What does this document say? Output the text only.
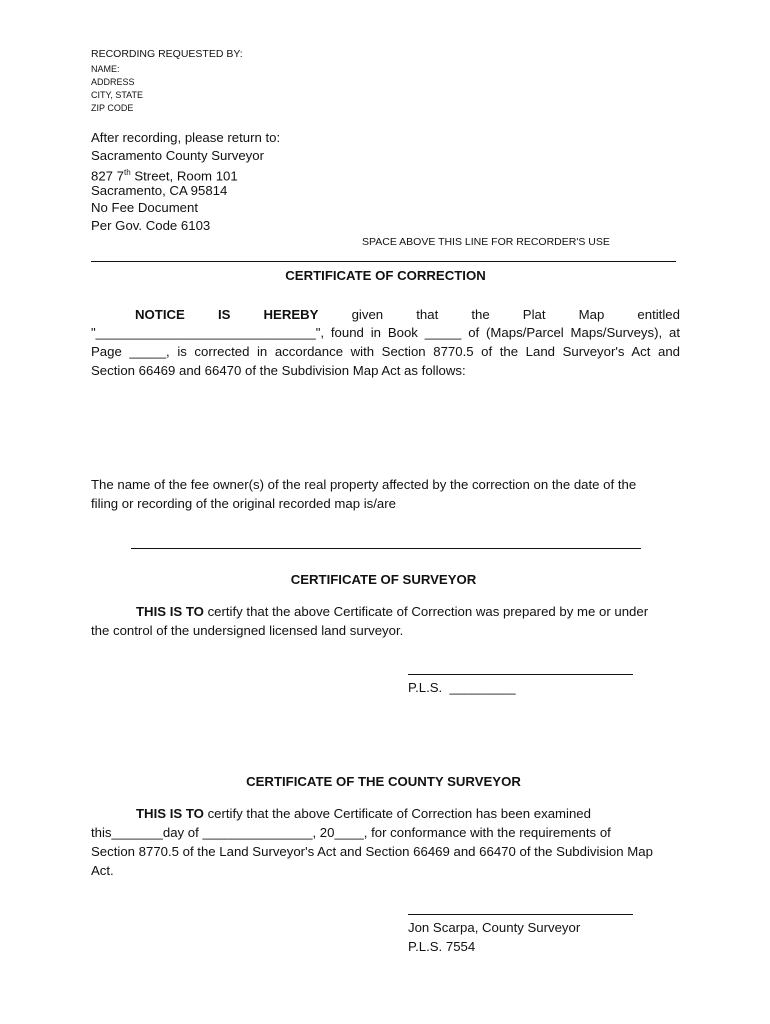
RECORDING REQUESTED BY:
NAME:
ADDRESS
CITY, STATE
ZIP CODE
After recording, please return to:
Sacramento County Surveyor
827 7th Street, Room 101
Sacramento, CA 95814
No Fee Document
Per Gov. Code 6103
SPACE ABOVE THIS LINE FOR RECORDER'S USE
CERTIFICATE OF CORRECTION
NOTICE	IS	HEREBY	given	that	the	Plat	Map	entitled
"______________________________", found in Book _____ of (Maps/Parcel Maps/Surveys), at
Page _____, is corrected in accordance with Section 8770.5 of the Land Surveyor's Act and
Section 66469 and 66470 of the Subdivision Map Act as follows:
The name of the fee owner(s) of the real property affected by the correction on the date of the
filing or recording of the original recorded map is/are
CERTIFICATE OF SURVEYOR
THIS IS TO certify that the above Certificate of Correction was prepared by me or under
the control of the undersigned licensed land surveyor.
P.L.S.  _________
CERTIFICATE OF THE COUNTY SURVEYOR
THIS IS TO certify that the above Certificate of Correction has been examined
this_______day of _______________, 20____, for conformance with the requirements of
Section 8770.5 of the Land Surveyor's Act and Section 66469 and 66470 of the Subdivision Map
Act.
Jon Scarpa, County Surveyor
P.L.S. 7554
